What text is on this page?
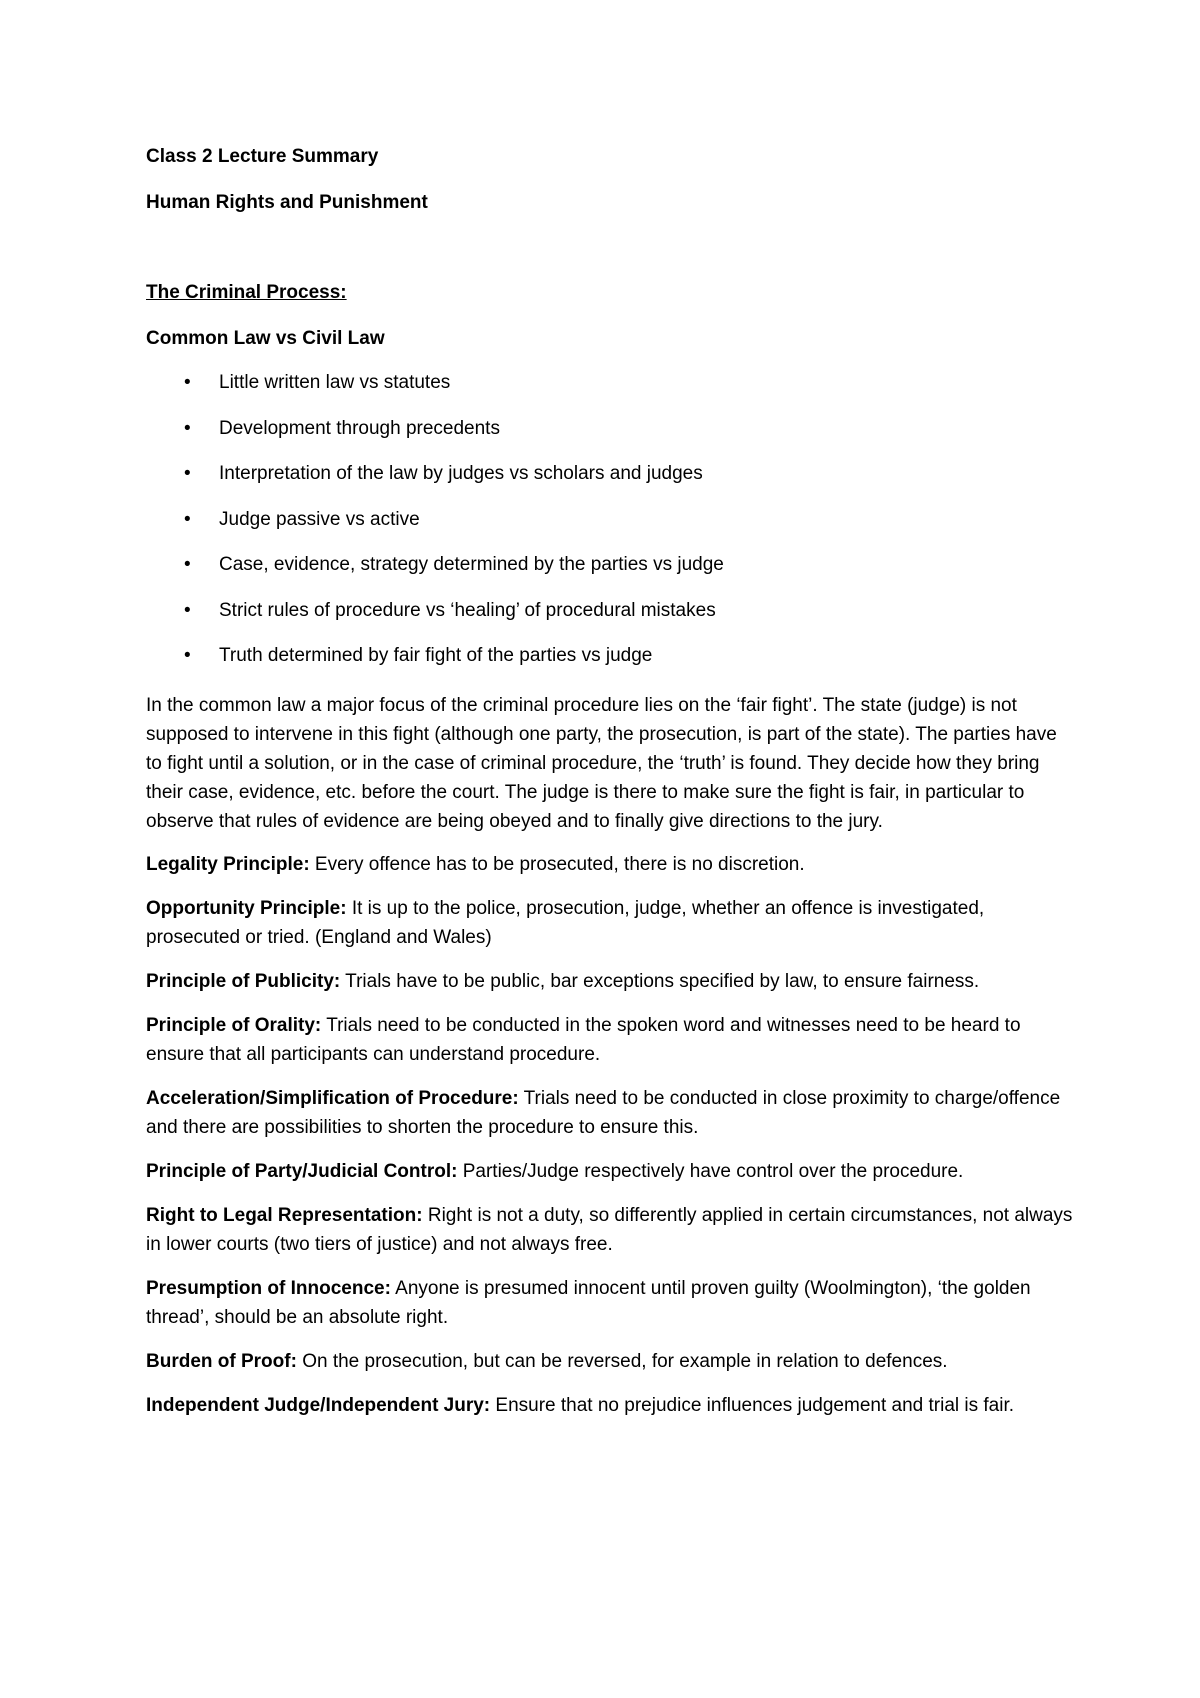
Class 2 Lecture Summary

Human Rights and Punishment

The Criminal Process:

Common Law vs Civil Law

• Little written law vs statutes
• Development through precedents
• Interpretation of the law by judges vs scholars and judges
• Judge passive vs active
• Case, evidence, strategy determined by the parties vs judge
• Strict rules of procedure vs ‘healing’ of procedural mistakes
• Truth determined by fair fight of the parties vs judge

In the common law a major focus of the criminal procedure lies on the ‘fair fight’. The state (judge) is not supposed to intervene in this fight (although one party, the prosecution, is part of the state). The parties have to fight until a solution, or in the case of criminal procedure, the ‘truth’ is found. They decide how they bring their case, evidence, etc. before the court. The judge is there to make sure the fight is fair, in particular to observe that rules of evidence are being obeyed and to finally give directions to the jury.

Legality Principle: Every offence has to be prosecuted, there is no discretion.

Opportunity Principle: It is up to the police, prosecution, judge, whether an offence is investigated, prosecuted or tried. (England and Wales)

Principle of Publicity: Trials have to be public, bar exceptions specified by law, to ensure fairness.

Principle of Orality: Trials need to be conducted in the spoken word and witnesses need to be heard to ensure that all participants can understand procedure.

Acceleration/Simplification of Procedure: Trials need to be conducted in close proximity to charge/offence and there are possibilities to shorten the procedure to ensure this.

Principle of Party/Judicial Control: Parties/Judge respectively have control over the procedure.

Right to Legal Representation: Right is not a duty, so differently applied in certain circumstances, not always in lower courts (two tiers of justice) and not always free.

Presumption of Innocence: Anyone is presumed innocent until proven guilty (Woolmington), ‘the golden thread’, should be an absolute right.

Burden of Proof: On the prosecution, but can be reversed, for example in relation to defences.

Independent Judge/Independent Jury: Ensure that no prejudice influences judgement and trial is fair.
